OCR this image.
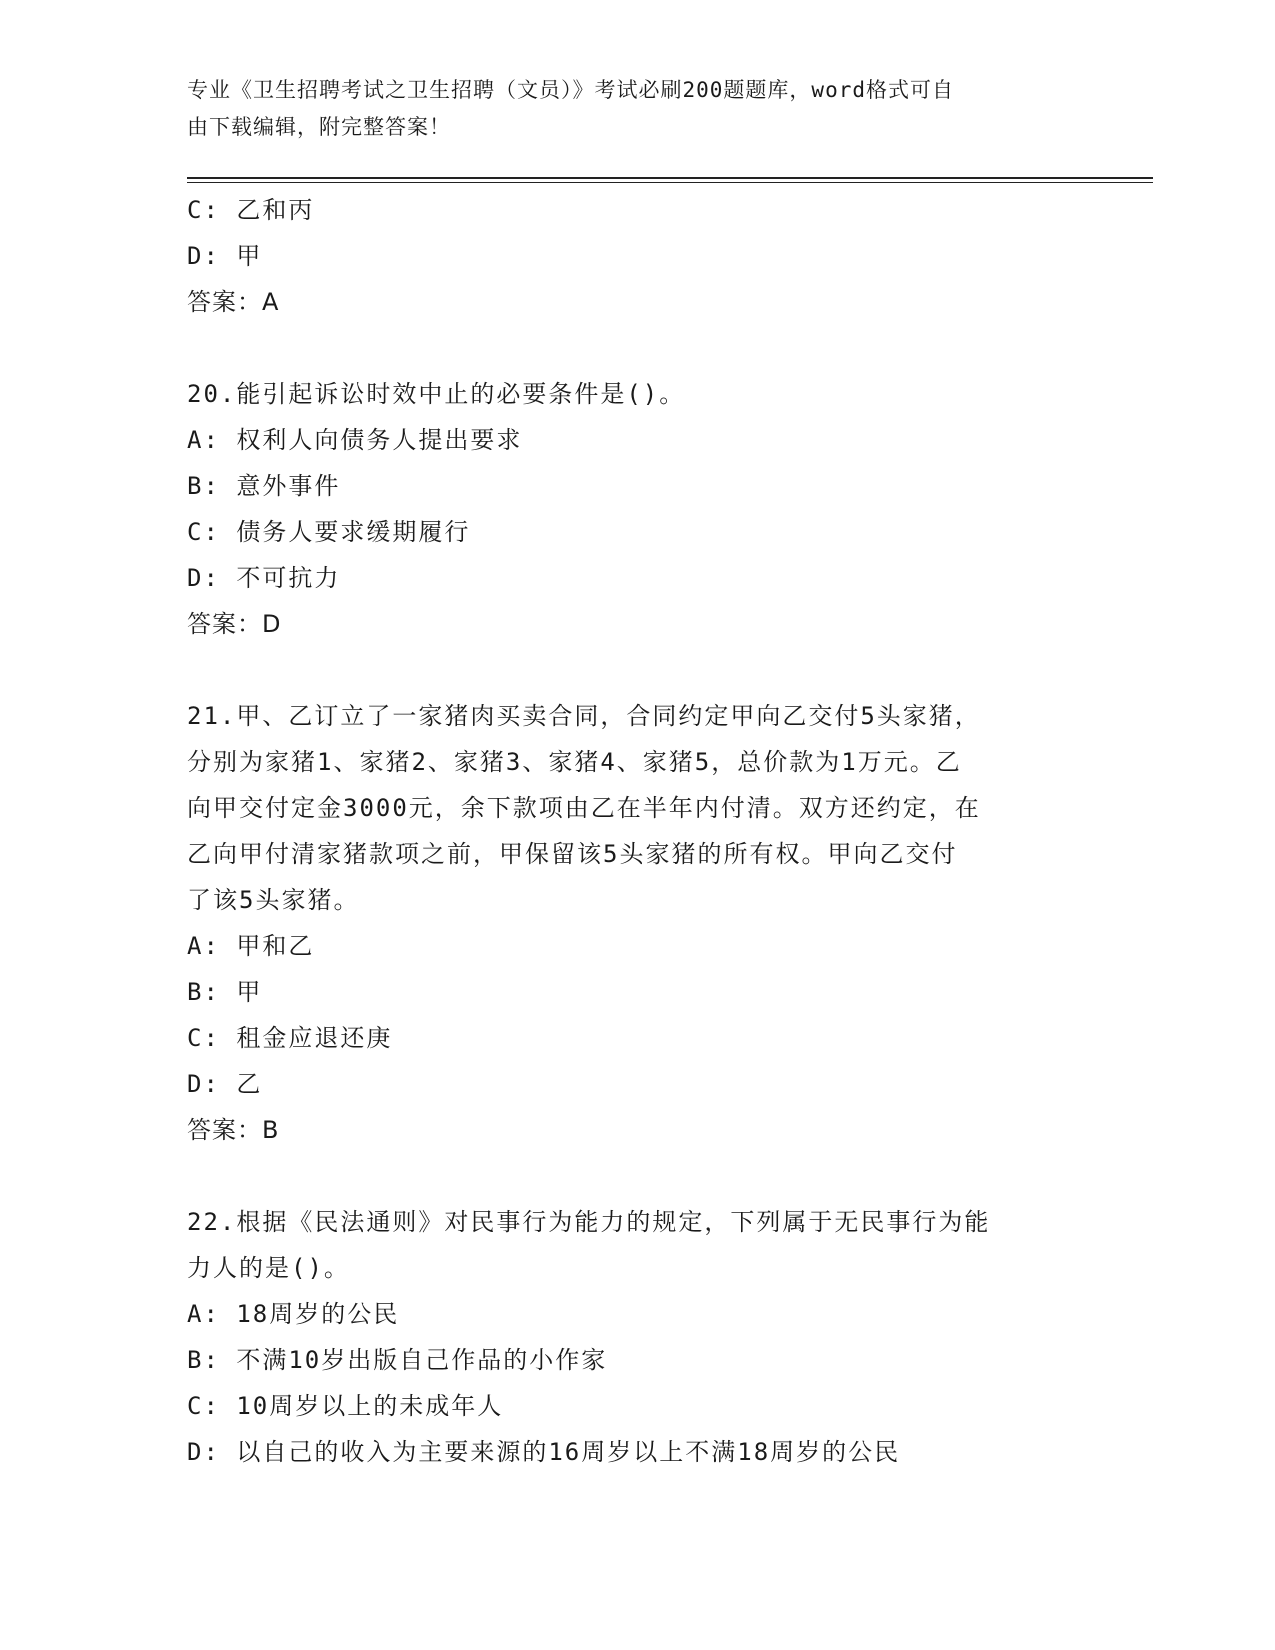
专业《卫生招聘考试之卫生招聘（文员）》考试必刷200题题库，word格式可自
由下载编辑，附完整答案！
C: 乙和丙
D: 甲
答案：A
20.能引起诉讼时效中止的必要条件是()。
A: 权利人向债务人提出要求
B: 意外事件
C: 债务人要求缓期履行
D: 不可抗力
答案：D
21.甲、乙订立了一家猪肉买卖合同，合同约定甲向乙交付5头家猪，
分别为家猪1、家猪2、家猪3、家猪4、家猪5，总价款为1万元。乙
向甲交付定金3000元，余下款项由乙在半年内付清。双方还约定，在
乙向甲付清家猪款项之前，甲保留该5头家猪的所有权。甲向乙交付
了该5头家猪。
A: 甲和乙
B: 甲
C: 租金应退还庚
D: 乙
答案：B
22.根据《民法通则》对民事行为能力的规定，下列属于无民事行为能
力人的是()。
A: 18周岁的公民
B: 不满10岁出版自己作品的小作家
C: 10周岁以上的未成年人
D: 以自己的收入为主要来源的16周岁以上不满18周岁的公民
